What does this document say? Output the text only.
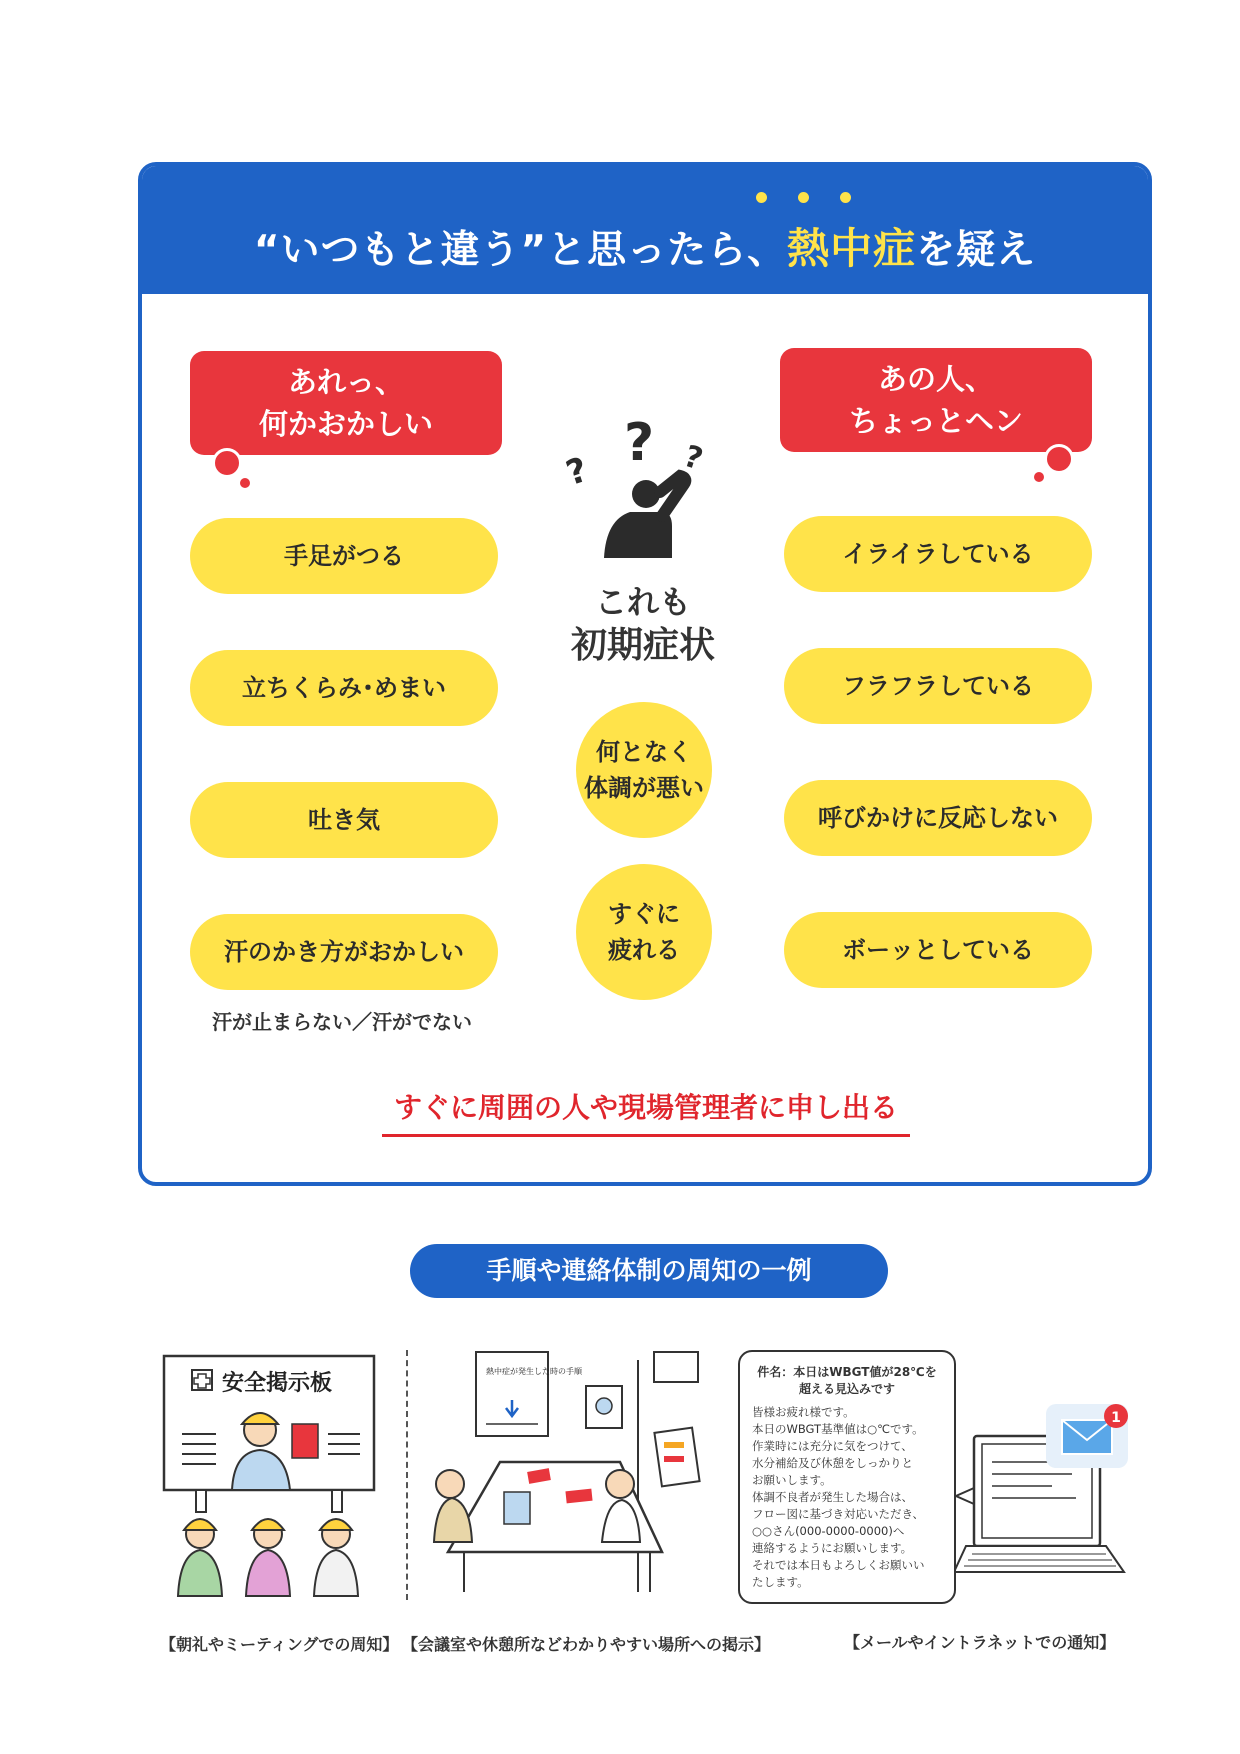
“いつもと違う”と思ったら、熱中症を疑え
あれっ、
何かおかしい
あの人、
ちょっとヘン
手足がつる
立ちくらみ･めまい
吐き気
汗のかき方がおかしい
汗が止まらない／汗がでない
イライラしている
フラフラしている
呼びかけに反応しない
ボーッとしている
?
?	?
これも
初期症状
何となく
体調が悪い
すぐに
疲れる
すぐに周囲の人や現場管理者に申し出る
手順や連絡体制の周知の一例
安全掲示板	熱中症が発生した時の手順	件名：本日はWBGT値が28℃を
超える見込みです
皆様お疲れ様です。
本日のWBGT基準値は○℃です。
作業時には充分に気をつけて、
水分補給及び休憩をしっかりと
お願いします。
体調不良者が発生した場合は、
フロー図に基づき対応いただき、
○○さん(000-0000-0000)へ
連絡するようにお願いします。
それでは本日もよろしくお願いい
たします。
1
【朝礼やミーティングでの周知】 【会議室や休憩所などわかりやすい場所への掲示】	【メールやイントラネットでの通知】
